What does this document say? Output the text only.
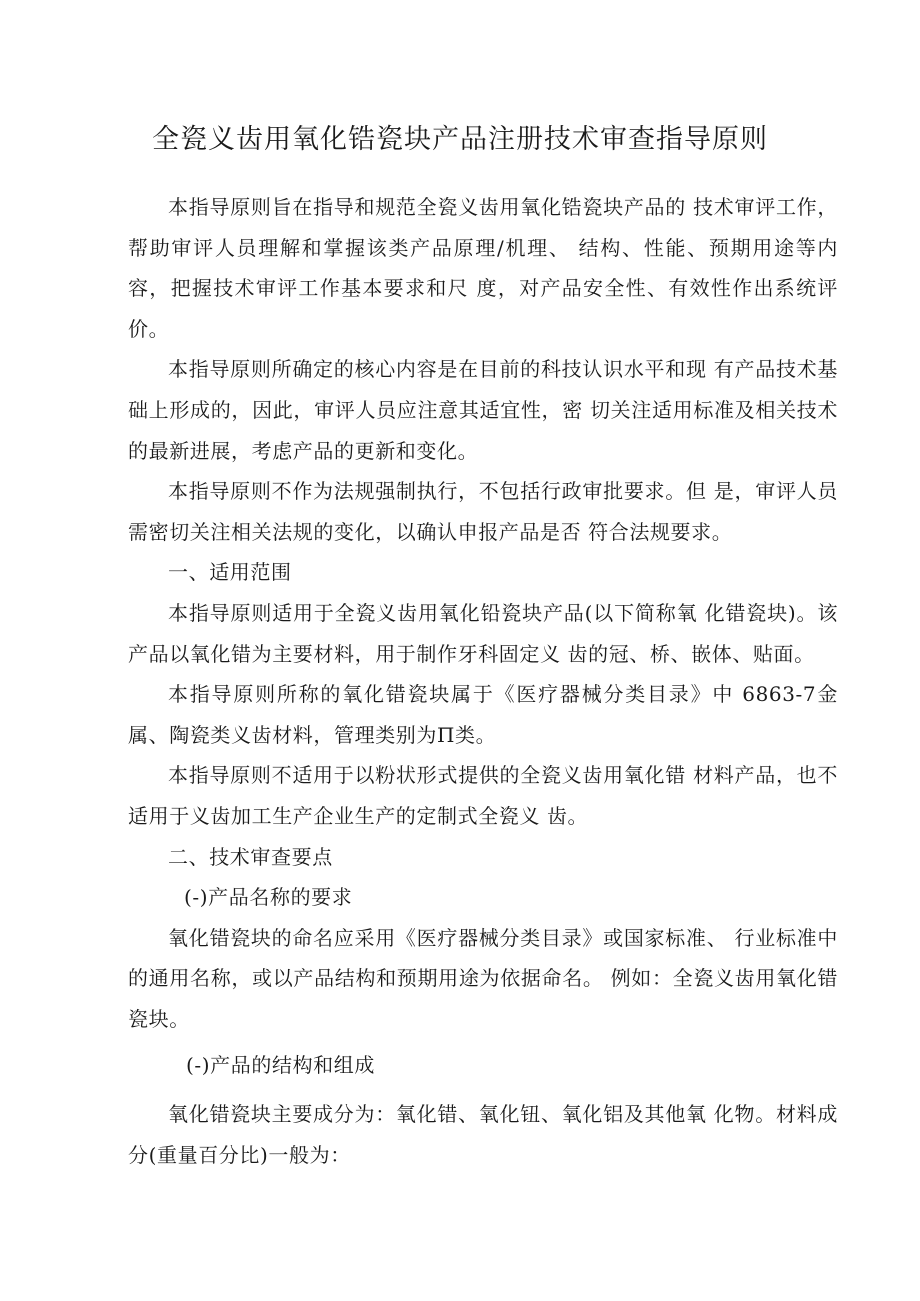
全瓷义齿用氧化锆瓷块产品注册技术审查指导原则

本指导原则旨在指导和规范全瓷义齿用氧化锆瓷块产品的 技术审评工作，帮助审评人员理解和掌握该类产品原理/机理、 结构、性能、预期用途等内容，把握技术审评工作基本要求和尺 度，对产品安全性、有效性作出系统评价。

本指导原则所确定的核心内容是在目前的科技认识水平和现 有产品技术基础上形成的，因此，审评人员应注意其适宜性，密 切关注适用标准及相关技术的最新进展，考虑产品的更新和变化。

本指导原则不作为法规强制执行，不包括行政审批要求。但 是，审评人员需密切关注相关法规的变化，以确认申报产品是否 符合法规要求。

一、适用范围

本指导原则适用于全瓷义齿用氧化铅瓷块产品(以下简称氧 化错瓷块)。该产品以氧化错为主要材料，用于制作牙科固定义 齿的冠、桥、嵌体、贴面。

本指导原则所称的氧化错瓷块属于《医疗器械分类目录》中 6863-7金属、陶瓷类义齿材料，管理类别为Π类。

本指导原则不适用于以粉状形式提供的全瓷义齿用氧化错 材料产品，也不适用于义齿加工生产企业生产的定制式全瓷义 齿。

二、技术审查要点

(-)产品名称的要求

氧化错瓷块的命名应采用《医疗器械分类目录》或国家标准、 行业标准中的通用名称，或以产品结构和预期用途为依据命名。 例如：全瓷义齿用氧化错瓷块。

(-)产品的结构和组成

氧化错瓷块主要成分为：氧化错、氧化钮、氧化铝及其他氧 化物。材料成分(重量百分比)一般为：
